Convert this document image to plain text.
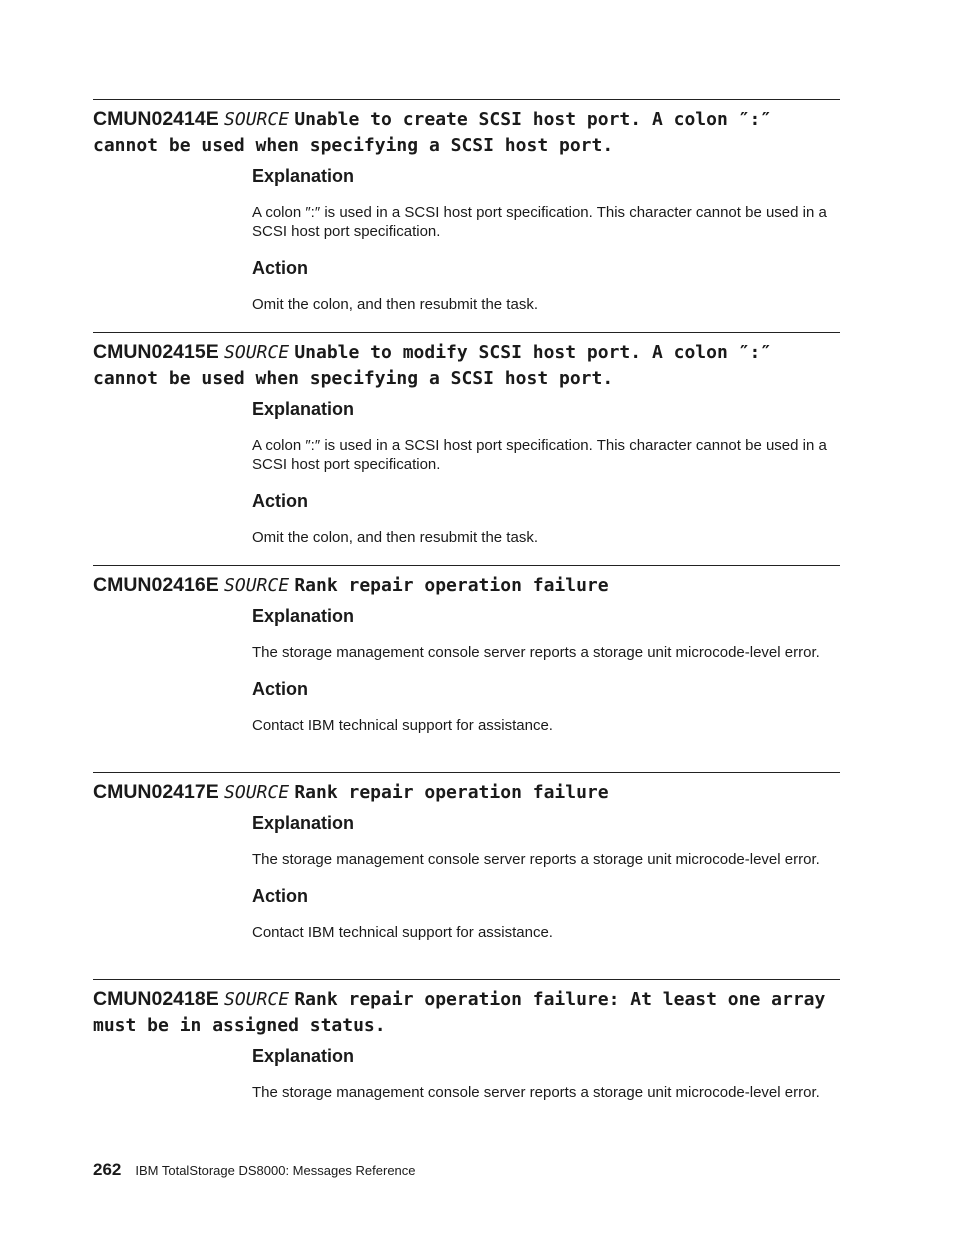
CMUN02414E SOURCE Unable to create SCSI host port. A colon ″:″ cannot be used when specifying a SCSI host port.
Explanation
A colon ″:″ is used in a SCSI host port specification. This character cannot be used in a SCSI host port specification.
Action
Omit the colon, and then resubmit the task.
CMUN02415E SOURCE Unable to modify SCSI host port. A colon ″:″ cannot be used when specifying a SCSI host port.
Explanation
A colon ″:″ is used in a SCSI host port specification. This character cannot be used in a SCSI host port specification.
Action
Omit the colon, and then resubmit the task.
CMUN02416E SOURCE Rank repair operation failure
Explanation
The storage management console server reports a storage unit microcode-level error.
Action
Contact IBM technical support for assistance.
CMUN02417E SOURCE Rank repair operation failure
Explanation
The storage management console server reports a storage unit microcode-level error.
Action
Contact IBM technical support for assistance.
CMUN02418E SOURCE Rank repair operation failure: At least one array must be in assigned status.
Explanation
The storage management console server reports a storage unit microcode-level error.
262 IBM TotalStorage DS8000: Messages Reference
